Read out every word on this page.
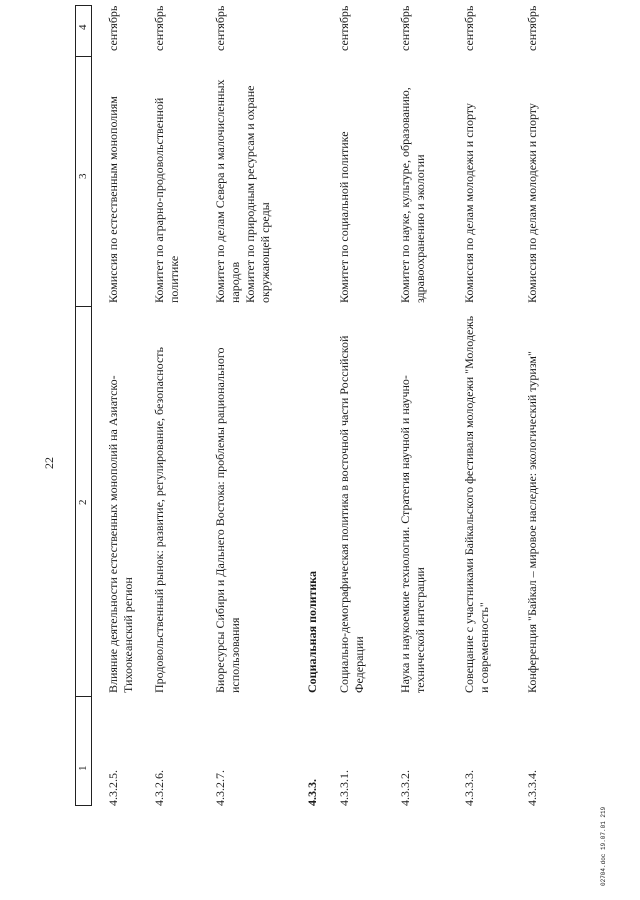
22
1
2
3
4
4.3.2.5.
Влияние деятельности естественных монополий на Азиатско-Тихоокеанский регион
Комиссия по естественным монополиям
сентябрь
4.3.2.6.
Продовольственный рынок: развитие, регулирование, безопасность
Комитет по аграрно-продовольственной политике
сентябрь
4.3.2.7.
Биоресурсы Сибири и Дальнего Востока: проблемы рационального использования
Комитет по делам Севера и малочисленных народов
Комитет по природным ресурсам и охране окружающей среды
сентябрь
4.3.3.
Социальная политика
4.3.3.1.
Социально-демографическая политика в восточной части Российской Федерации
Комитет по социальной политике
сентябрь
4.3.3.2.
Наука и наукоемкие технологии. Стратегия научной и научно-технической интеграции
Комитет по науке, культуре, образованию, здравоохранению и экологии
сентябрь
4.3.3.3.
Совещание с участниками Байкальского фестиваля молодежи "Молодежь и современность"
Комиссия по делам молодежи и спорту
сентябрь
4.3.3.4.
Конференция "Байкал – мировое наследие: экологический туризм"
Комиссия по делам молодежи и спорту
сентябрь
02704.doc 19.07.01 219
